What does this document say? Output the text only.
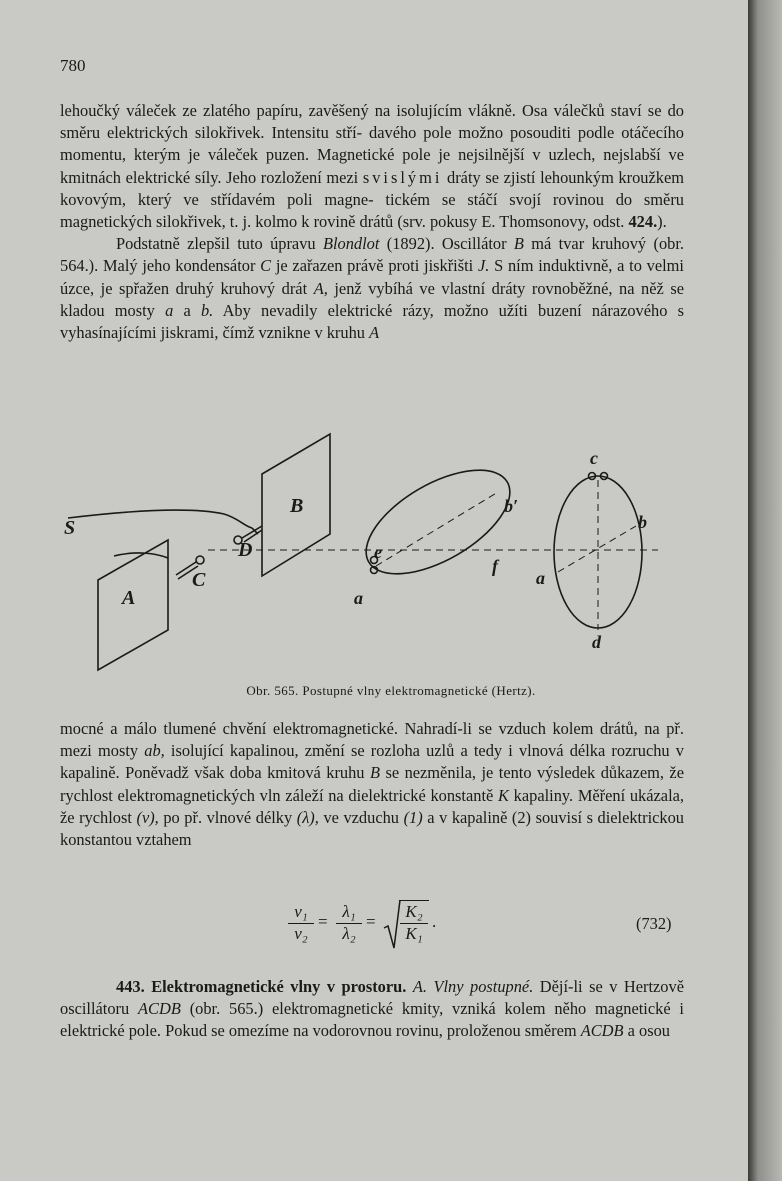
780

lehoučký váleček ze zlatého papíru, zavěšený na isolujícím vlákně. Osa válečků staví se do směru elektrických silokřivek. Intensitu stří- davého pole možno posouditi podle otáčecího momentu, kterým je váleček puzen. Magnetické pole je nejsilnější v uzlech, nejslabší ve kmitnách elektrické síly. Jeho rozložení mezi svislými dráty se zjistí lehounkým kroužkem kovovým, který ve střídavém poli magne- tickém se stáčí svojí rovinou do směru magnetických silokřivek, t. j. kolmo k rovině drátů (srv. pokusy E. Thomsonovy, odst. 424.).

Podstatně zlepšil tuto úpravu Blondlot (1892). Oscillátor B má tvar kruhový (obr. 564.). Malý jeho kondensátor C je zařazen právě proti jiskřišti J. S ním induktivně, a to velmi úzce, je spřažen druhý kruhový drát A, jenž vybíhá ve vlastní dráty rovnoběžné, na něž se kladou mosty a a b. Aby nevadily elektrické rázy, možno užíti buzení nárazového s vyhasínajícími jiskrami, čímž vznikne v kruhu A

S
A
B
C
D	e
f
a
b′
c
b
a
d
Obr. 565. Postupné vlny elektromagnetické (Hertz).

mocné a málo tlumené chvění elektromagnetické. Nahradí-li se vzduch kolem drátů, na př. mezi mosty ab, isolující kapalinou, změní se rozloha uzlů a tedy i vlnová délka rozruchu v kapalině. Poněvadž však doba kmitová kruhu B se nezměnila, je tento výsledek důkazem, že rychlost elektromagnetických vln záleží na dielektrické konstantě K kapaliny. Měření ukázala, že rychlost (v), po př. vlnové délky (λ), ve vzduchu (1) a v kapalině (2) souvisí s dielektrickou konstantou vztahem

$\frac{\text{v₁}}{\text{v₂}} = \frac{\text{λ₁}}{\text{λ₂}} = \frac{\text{K₂}}{\text{K₁}}$ .	(732)

443. Elektromagnetické vlny v prostoru. A. Vlny postupné. Dějí-li se v Hertzově oscillátoru ACDB (obr. 565.) elektromagnetické kmity, vzniká kolem něho magnetické i elektrické pole. Pokud se omezíme na vodorovnou rovinu, proloženou směrem ACDB a osou
